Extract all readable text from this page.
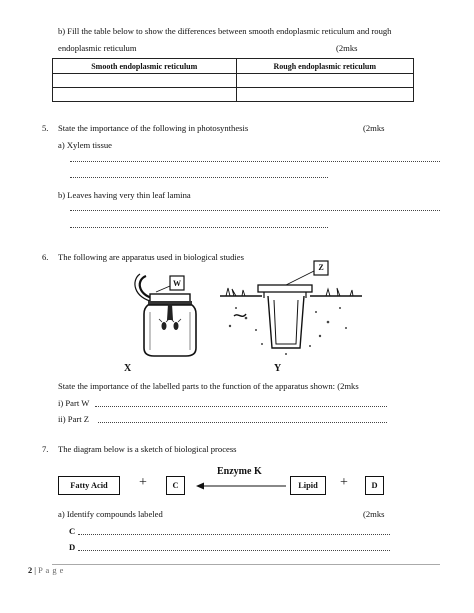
b) Fill the table below to show the differences between smooth endoplasmic reticulum and rough
endoplasmic reticulum	(2mks
Smooth endoplasmic reticulum	Rough endoplasmic reticulum

5. State the importance of the following in photosynthesis	(2mks
a) Xylem tissue
b) Leaves having very thin leaf lamina
6. The following are apparatus used in biological studies
W
Z
X	Y
State the importance of the labelled parts to the function of the apparatus shown: (2mks
i) Part W
ii) Part Z
7. The diagram below is a sketch of biological process
Enzyme K
Fatty Acid	+	C	Lipid	+	D
a) Identify compounds labeled	(2mks
C
D
2 | P a g e
